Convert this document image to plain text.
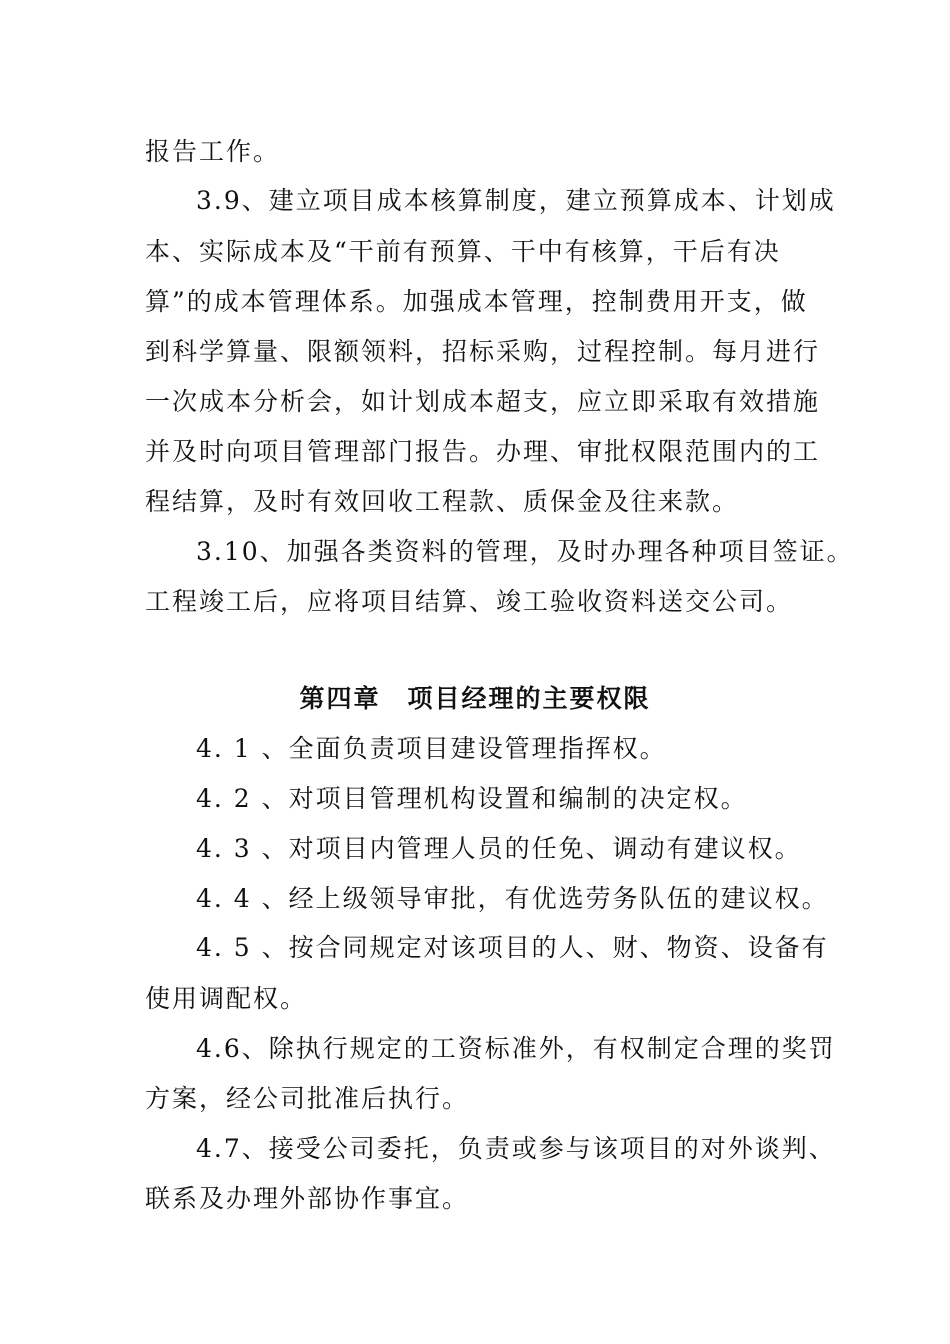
报告工作。
3.9、建立项目成本核算制度，建立预算成本、计划成
本、实际成本及“干前有预算、干中有核算，干后有决
算”的成本管理体系。加强成本管理，控制费用开支，做
到科学算量、限额领料，招标采购，过程控制。每月进行
一次成本分析会，如计划成本超支，应立即采取有效措施
并及时向项目管理部门报告。办理、审批权限范围内的工
程结算，及时有效回收工程款、质保金及往来款。
3.10、加强各类资料的管理，及时办理各种项目签证。
工程竣工后，应将项目结算、竣工验收资料送交公司。
第四章　项目经理的主要权限
4. 1 、全面负责项目建设管理指挥权。
4. 2 、对项目管理机构设置和编制的决定权。
4. 3 、对项目内管理人员的任免、调动有建议权。
4. 4 、经上级领导审批，有优选劳务队伍的建议权。
4. 5 、按合同规定对该项目的人、财、物资、设备有
使用调配权。
4.6、除执行规定的工资标准外，有权制定合理的奖罚
方案，经公司批准后执行。
4.7、接受公司委托，负责或参与该项目的对外谈判、
联系及办理外部协作事宜。
